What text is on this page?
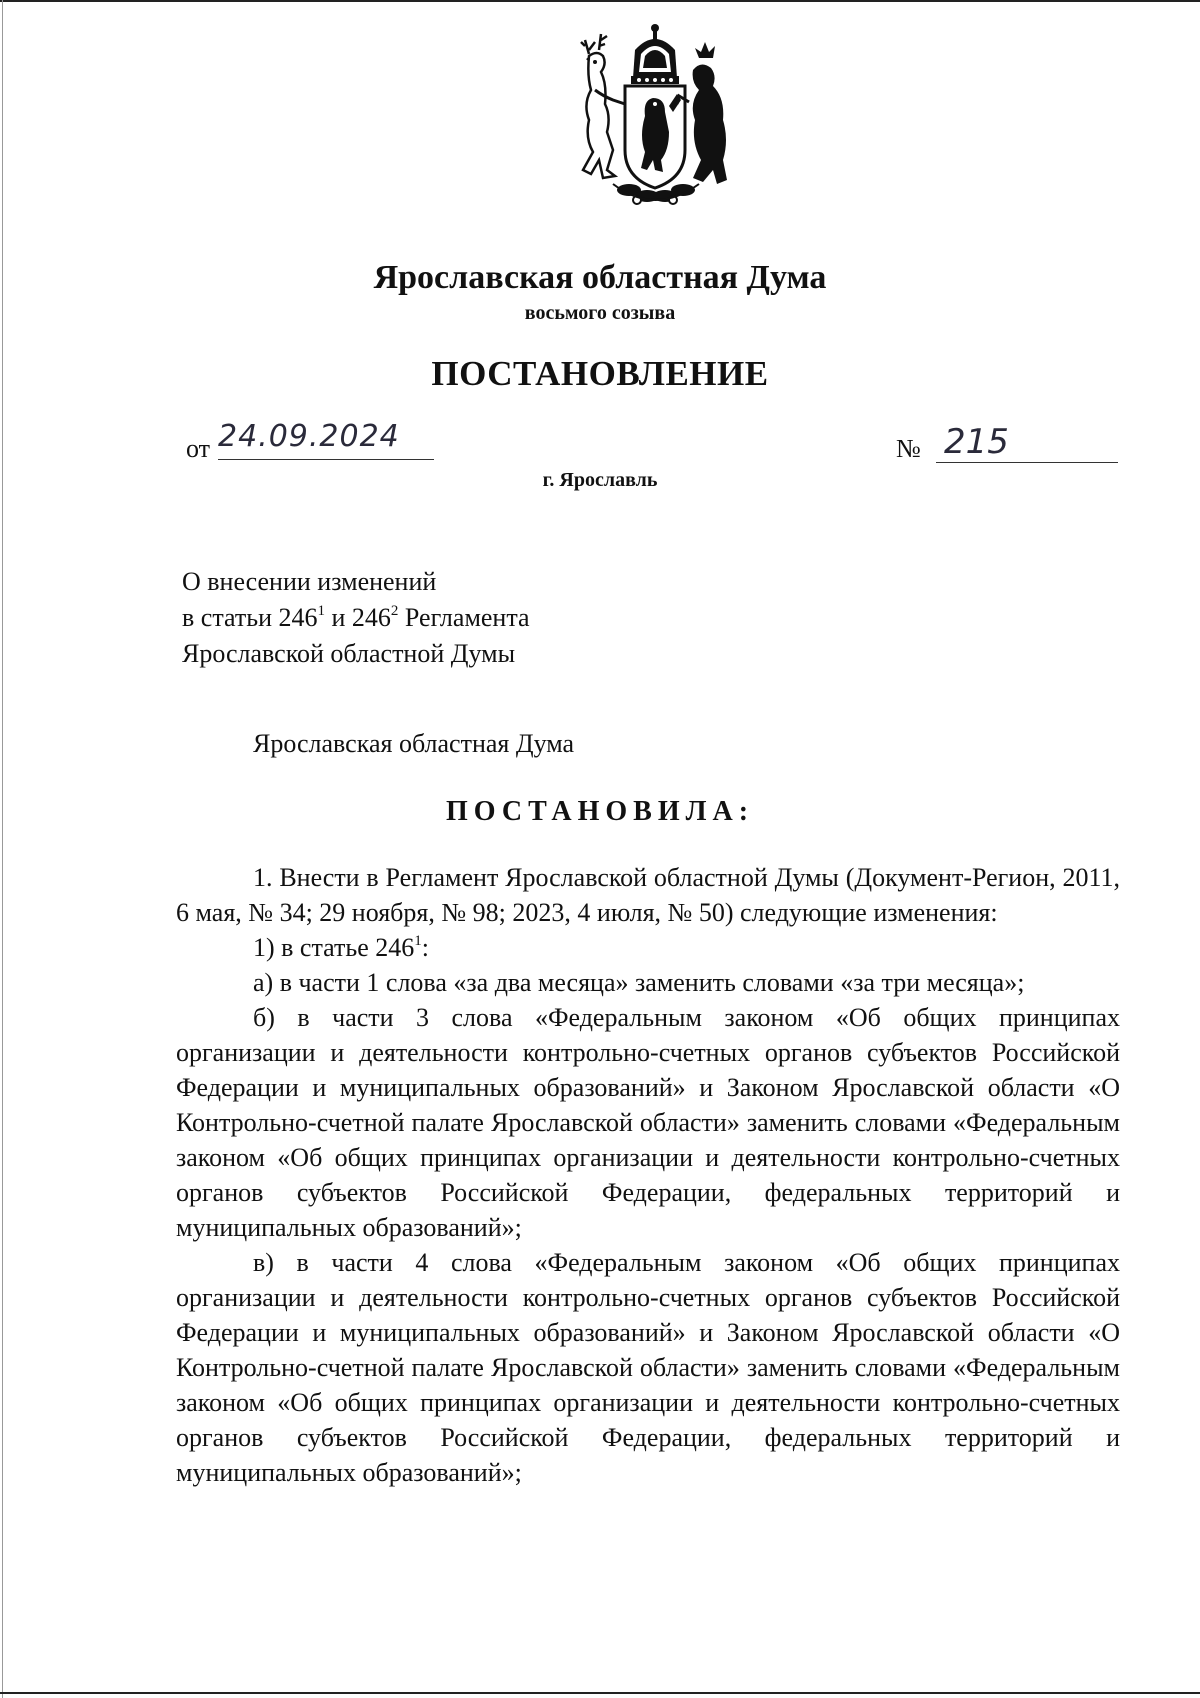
Ярославская областная Дума
восьмого созыва
ПОСТАНОВЛЕНИЕ
от 24.09.2024	№ 215
г. Ярославль
О внесении изменений
в статьи $246^1$ и $246^2$ Регламента
Ярославской областной Думы
Ярославская областная Дума
ПОСТАНОВИЛА:

1. Внести в Регламент Ярославской областной Думы (Документ-Регион, 2011, 6 мая, № 34; 29 ноября, № 98; 2023, 4 июля, № 50) следующие изменения:

1) в статье $246^1$:

а) в части 1 слова «за два месяца» заменить словами «за три месяца»;

б) в части 3 слова «Федеральным законом «Об общих принципах организации и деятельности контрольно-счетных органов субъектов Российской Федерации и муниципальных образований» и Законом Ярославской области «О Контрольно-счетной палате Ярославской области» заменить словами «Федеральным законом «Об общих принципах организации и деятельности контрольно-счетных органов субъектов Российской Федерации, федеральных территорий и муниципальных образований»;

в) в части 4 слова «Федеральным законом «Об общих принципах организации и деятельности контрольно-счетных органов субъектов Российской Федерации и муниципальных образований» и Законом Ярославской области «О Контрольно-счетной палате Ярославской области» заменить словами «Федеральным законом «Об общих принципах организации и деятельности контрольно-счетных органов субъектов Российской Федерации, федеральных территорий и муниципальных образований»;
